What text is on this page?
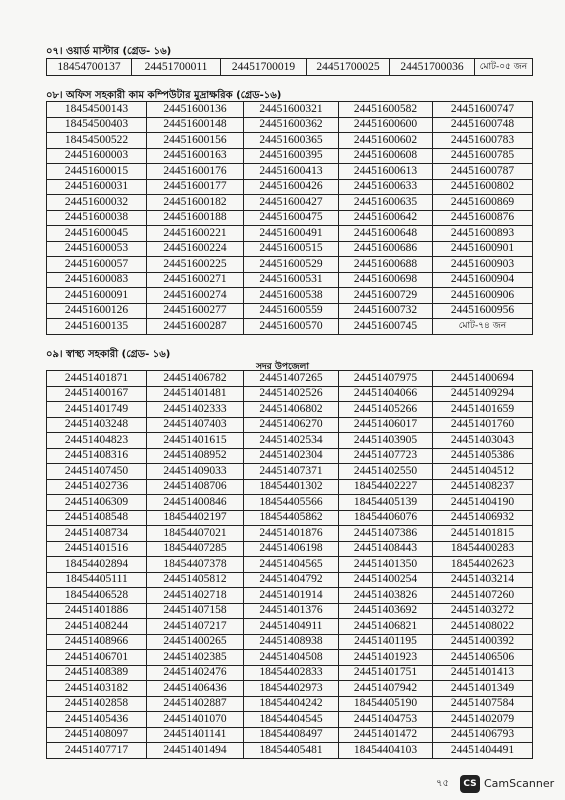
০৭। ওয়ার্ড মাস্টার (গ্রেড- ১৬)
18454700137	24451700011	24451700019	24451700025	24451700036	মোট-০৫ জন
০৮। অফিস সহকারী কাম কম্পিউটার মুদ্রাক্ষরিক (গ্রেড-১৬)
18454500143	24451600136	24451600321	24451600582	24451600747
18454500403	24451600148	24451600362	24451600600	24451600748
18454500522	24451600156	24451600365	24451600602	24451600783
24451600003	24451600163	24451600395	24451600608	24451600785
24451600015	24451600176	24451600413	24451600613	24451600787
24451600031	24451600177	24451600426	24451600633	24451600802
24451600032	24451600182	24451600427	24451600635	24451600869
24451600038	24451600188	24451600475	24451600642	24451600876
24451600045	24451600221	24451600491	24451600648	24451600893
24451600053	24451600224	24451600515	24451600686	24451600901
24451600057	24451600225	24451600529	24451600688	24451600903
24451600083	24451600271	24451600531	24451600698	24451600904
24451600091	24451600274	24451600538	24451600729	24451600906
24451600126	24451600277	24451600559	24451600732	24451600956
24451600135	24451600287	24451600570	24451600745	মোট-৭৪ জন
০৯। স্বাস্থ্য সহকারী (গ্রেড- ১৬)
সদর উপজেলা
24451401871	24451406782	24451407265	24451407975	24451400694
24451400167	24451401481	24451402526	24451404066	24451409294
24451401749	24451402333	24451406802	24451405266	24451401659
24451403248	24451407403	24451406270	24451406017	24451401760
24451404823	24451401615	24451402534	24451403905	24451403043
24451408316	24451408952	24451402304	24451407723	24451405386
24451407450	24451409033	24451407371	24451402550	24451404512
24451402736	24451408706	18454401302	18454402227	24451408237
24451406309	24451400846	18454405566	18454405139	24451404190
24451408548	18454402197	18454405862	18454406076	24451406932
24451408734	18454407021	24451401876	24451407386	24451401815
24451401516	18454407285	24451406198	24451408443	18454400283
18454402894	18454407378	24451404565	24451401350	18454402623
18454405111	24451405812	24451404792	24451400254	24451403214
18454406528	24451402718	24451401914	24451403826	24451407260
24451401886	24451407158	24451401376	24451403692	24451403272
24451408244	24451407217	24451404911	24451406821	24451408022
24451408966	24451400265	24451408938	24451401195	24451400392
24451406701	24451402385	24451404508	24451401923	24451406506
24451408389	24451402476	18454402833	24451401751	24451401413
24451403182	24451406436	18454402973	24451407942	24451401349
24451402858	24451402887	18454404242	18454405190	24451407584
24451405436	24451401070	18454404545	24451404753	24451402079
24451408097	24451401141	18454408497	24451401472	24451406793
24451407717	24451401494	18454405481	18454404103	24451404491
৭৫	CS CamScanner
